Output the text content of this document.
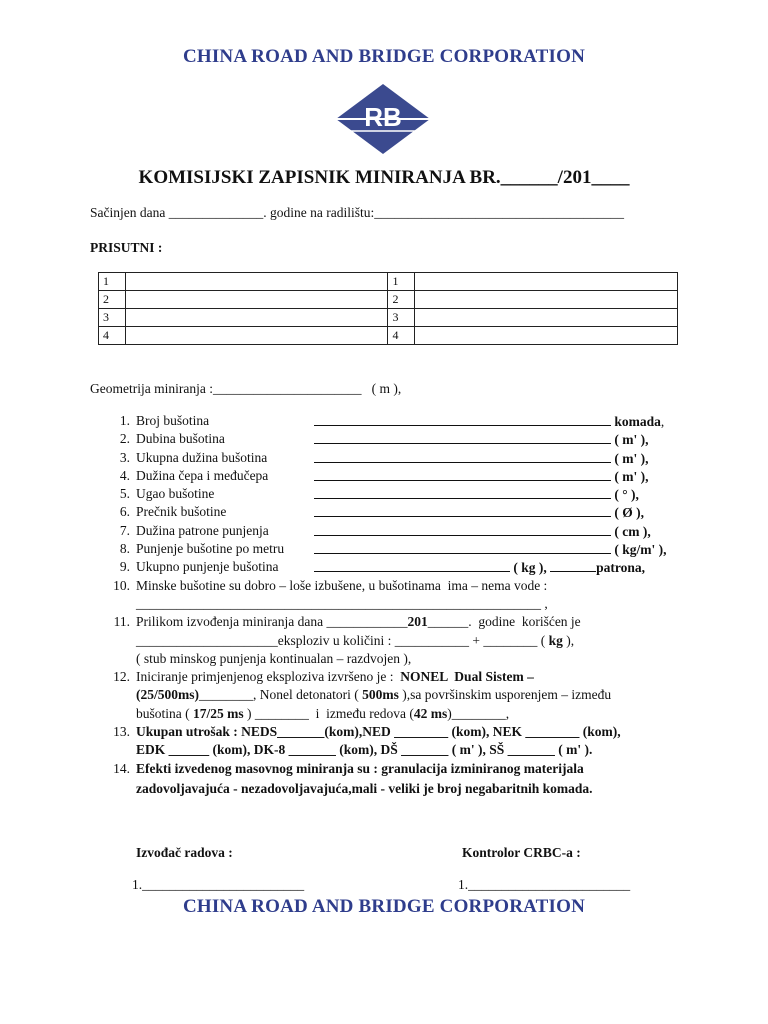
CHINA ROAD AND BRIDGE CORPORATION
RB
KOMISIJSKI ZAPISNIK MINIRANJA BR.______/201____
Sačinjen dana ______________. godine na radilištu:_____________________________________
PRISUTNI :
1		1	
2		2	
3		3	
4		4	
Geometrija miniranja :______________________   ( m ),
1. Broj bušotina	komada,
2. Dubina bušotina	( m' ),
3. Ukupna dužina bušotina	( m' ),
4. Dužina čepa i međučepa	( m' ),
5. Ugao bušotine	( ° ),
6. Prečnik bušotine	( Ø ),
7. Dužina patrone punjenja	( cm ),
8. Punjenje bušotine po metru	( kg/m' ),
9. Ukupno punjenje bušotina	( kg ),	patrona,
10. Minske bušotine su dobro – loše izbušene, u bušotinama  ima – nema vode :
____________________________________________________________ ,
11. Prilikom izvođenja miniranja dana ____________201______.  godine  korišćen je
_____________________eksploziv u količini : ___________ + ________ ( kg ),
( stub minskog punjenja kontinualan – razdvojen ),
12. Iniciranje primjenjenog eksploziva izvršeno je :  NONEL  Dual Sistem –
(25/500ms)________, Nonel detonatori ( 500ms ),sa površinskim usporenjem – između
bušotina ( 17/25 ms ) ________  i  između redova (42 ms)________,
13. Ukupan utrošak : NEDS_______(kom),NED ________ (kom), NEK ________ (kom),
EDK ______ (kom), DK-8 _______ (kom), DŠ _______ ( m' ), SŠ _______ ( m' ).
14. Efekti izvedenog masovnog miniranja su : granulacija izminiranog materijala
zadovoljavajuća - nezadovoljavajuća,mali - veliki je broj negabaritnih komada.
Izvođač radova :	Kontrolor CRBC-a :
1.________________________	1.________________________
CHINA ROAD AND BRIDGE CORPORATION
